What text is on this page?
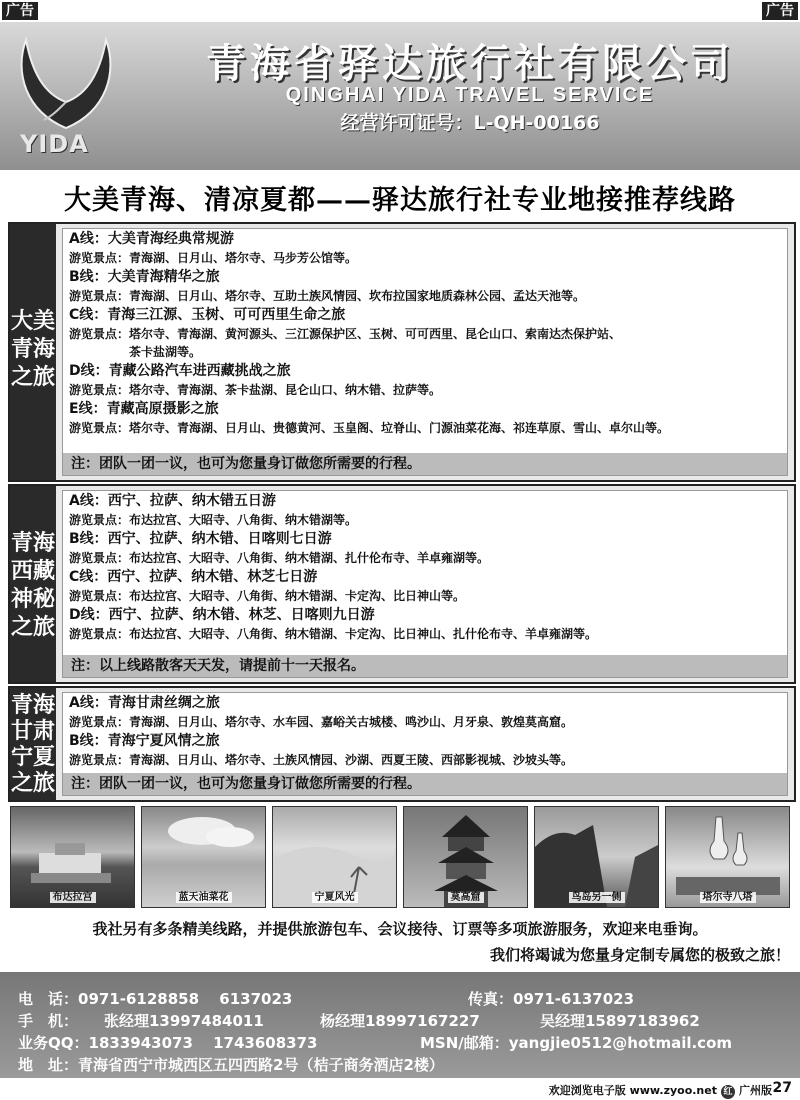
广告	广告
YIDA
青海省驿达旅行社有限公司
QINGHAI YIDA TRAVEL SERVICE
经营许可证号：L-QH-00166
大美青海、清凉夏都——驿达旅行社专业地接推荐线路
大美
青海
之旅
A线：大美青海经典常规游
游览景点：青海湖、日月山、塔尔寺、马步芳公馆等。
B线：大美青海精华之旅
游览景点：青海湖、日月山、塔尔寺、互助土族风情园、坎布拉国家地质森林公园、孟达天池等。
C线：青海三江源、玉树、可可西里生命之旅
游览景点：塔尔寺、青海湖、黄河源头、三江源保护区、玉树、可可西里、昆仑山口、索南达杰保护站、
　　　　　茶卡盐湖等。
D线：青藏公路汽车进西藏挑战之旅
游览景点：塔尔寺、青海湖、茶卡盐湖、昆仑山口、纳木错、拉萨等。
E线：青藏高原摄影之旅
游览景点：塔尔寺、青海湖、日月山、贵德黄河、玉皇阁、垃脊山、门源油菜花海、祁连草原、雪山、卓尔山等。
注：团队一团一议，也可为您量身订做您所需要的行程。
青海
西藏
神秘
之旅
A线：西宁、拉萨、纳木错五日游
游览景点：布达拉宫、大昭寺、八角街、纳木错湖等。
B线：西宁、拉萨、纳木错、日喀则七日游
游览景点：布达拉宫、大昭寺、八角街、纳木错湖、扎什伦布寺、羊卓雍湖等。
C线：西宁、拉萨、纳木错、林芝七日游
游览景点：布达拉宫、大昭寺、八角街、纳木错湖、卡定沟、比日神山等。
D线：西宁、拉萨、纳木错、林芝、日喀则九日游
游览景点：布达拉宫、大昭寺、八角街、纳木错湖、卡定沟、比日神山、扎什伦布寺、羊卓雍湖等。
注：以上线路散客天天发，请提前十一天报名。
青海
甘肃
宁夏
之旅
A线：青海甘肃丝绸之旅
游览景点：青海湖、日月山、塔尔寺、水车园、嘉峪关古城楼、鸣沙山、月牙泉、敦煌莫高窟。
B线：青海宁夏风情之旅
游览景点：青海湖、日月山、塔尔寺、土族风情园、沙湖、西夏王陵、西部影视城、沙坡头等。
注：团队一团一议，也可为您量身订做您所需要的行程。
布达拉宫	蓝天油菜花	宁夏风光	莫高窟	鸟岛另一侧	塔尔寺八塔
我社另有多条精美线路，并提供旅游包车、会议接待、订票等多项旅游服务，欢迎来电垂询。
我们将竭诚为您量身定制专属您的极致之旅！
电　话：0971-6128858　 6137023	传真：0971-6137023
手　机： 张经理13997484011	杨经理18997167227	吴经理15897183962
业务QQ：1833943073　 1743608373	MSN/邮箱：yangjie0512@hotmail.com
地　址：青海省西宁市城西区五四西路2号（桔子商务酒店2楼）
欢迎浏览电子版 www.zyoo.net 红 广州版 27
